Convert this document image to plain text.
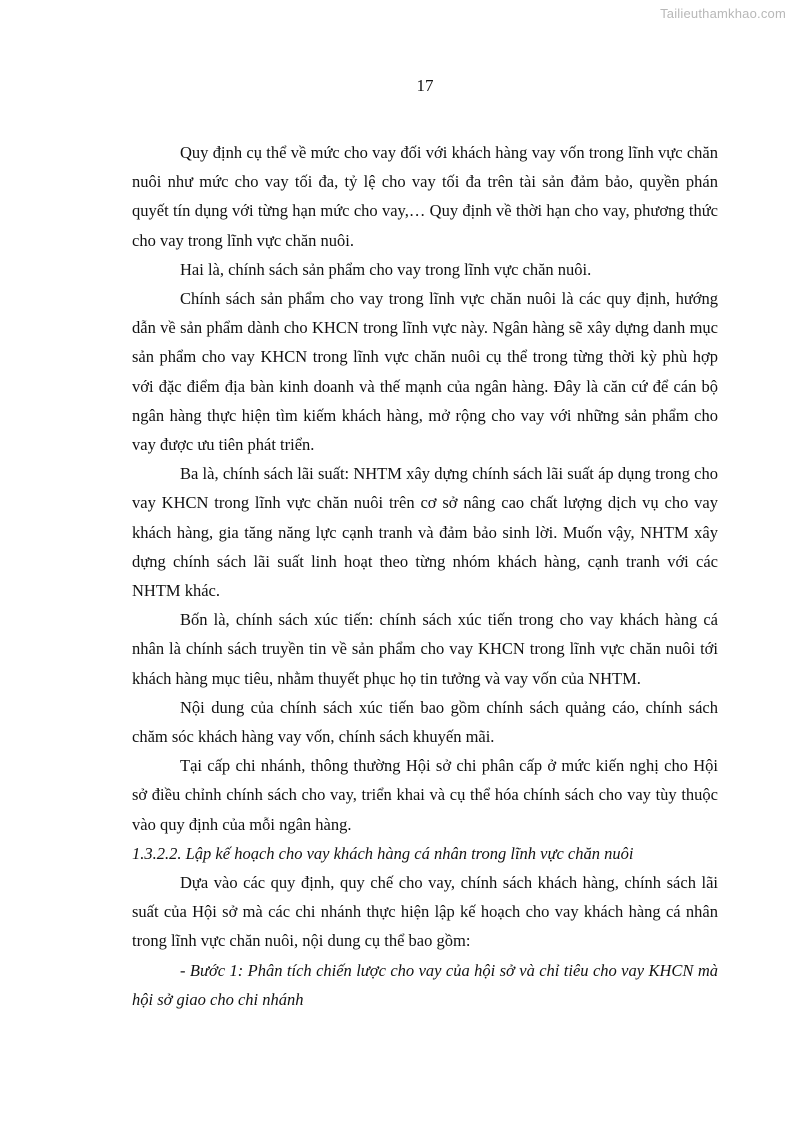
Tailieuthamkhao.com
17

Quy định cụ thể về mức cho vay đối với khách hàng vay vốn trong lĩnh vực chăn nuôi như mức cho vay tối đa, tỷ lệ cho vay tối đa trên tài sản đảm bảo, quyền phán quyết tín dụng với từng hạn mức cho vay,… Quy định về thời hạn cho vay, phương thức cho vay trong lĩnh vực chăn nuôi.

Hai là, chính sách sản phẩm cho vay trong lĩnh vực chăn nuôi.

Chính sách sản phẩm cho vay trong lĩnh vực chăn nuôi là các quy định, hướng dẫn về sản phẩm dành cho KHCN trong lĩnh vực này. Ngân hàng sẽ xây dựng danh mục sản phẩm cho vay KHCN trong lĩnh vực chăn nuôi cụ thể trong từng thời kỳ phù hợp với đặc điểm địa bàn kinh doanh và thế mạnh của ngân hàng. Đây là căn cứ để cán bộ ngân hàng thực hiện tìm kiếm khách hàng, mở rộng cho vay với những sản phẩm cho vay được ưu tiên phát triển.

Ba là, chính sách lãi suất: NHTM xây dựng chính sách lãi suất áp dụng trong cho vay KHCN trong lĩnh vực chăn nuôi trên cơ sở nâng cao chất lượng dịch vụ cho vay khách hàng, gia tăng năng lực cạnh tranh và đảm bảo sinh lời. Muốn vậy, NHTM xây dựng chính sách lãi suất linh hoạt theo từng nhóm khách hàng, cạnh tranh với các NHTM khác.

Bốn là, chính sách xúc tiến: chính sách xúc tiến trong cho vay khách hàng cá nhân là chính sách truyền tin về sản phẩm cho vay KHCN trong lĩnh vực chăn nuôi tới khách hàng mục tiêu, nhằm thuyết phục họ tin tưởng và vay vốn của NHTM.

Nội dung của chính sách xúc tiến bao gồm chính sách quảng cáo, chính sách chăm sóc khách hàng vay vốn, chính sách khuyến mãi.

Tại cấp chi nhánh, thông thường Hội sở chi phân cấp ở mức kiến nghị cho Hội sở điều chỉnh chính sách cho vay, triển khai và cụ thể hóa chính sách cho vay tùy thuộc vào quy định của mỗi ngân hàng.

1.3.2.2. Lập kế hoạch cho vay khách hàng cá nhân trong lĩnh vực chăn nuôi

Dựa vào các quy định, quy chế cho vay, chính sách khách hàng, chính sách lãi suất của Hội sở mà các chi nhánh thực hiện lập kế hoạch cho vay khách hàng cá nhân trong lĩnh vực chăn nuôi, nội dung cụ thể bao gồm:

- Bước 1: Phân tích chiến lược cho vay của hội sở và chỉ tiêu cho vay KHCN mà hội sở giao cho chi nhánh
